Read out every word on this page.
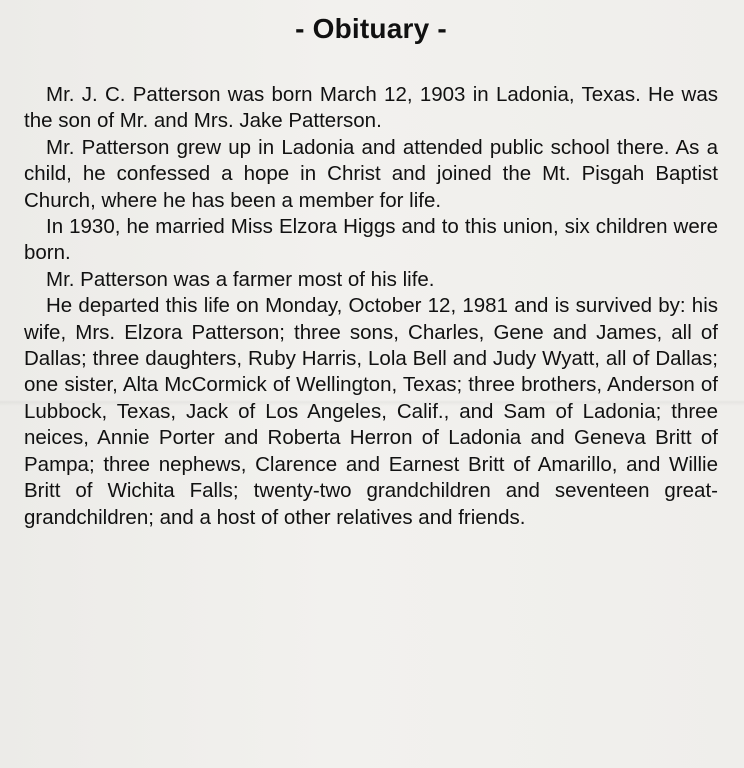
- Obituary -

Mr. J. C. Patterson was born March 12, 1903 in Ladonia, Texas. He was the son of Mr. and Mrs. Jake Patterson.

Mr. Patterson grew up in Ladonia and attended public school there. As a child, he confessed a hope in Christ and joined the Mt. Pisgah Baptist Church, where he has been a member for life.

In 1930, he married Miss Elzora Higgs and to this union, six children were born.

Mr. Patterson was a farmer most of his life.

He departed this life on Monday, October 12, 1981 and is survived by: his wife, Mrs. Elzora Patterson; three sons, Charles, Gene and James, all of Dallas; three daughters, Ruby Harris, Lola Bell and Judy Wyatt, all of Dallas; one sister, Alta McCormick of Wellington, Texas; three brothers, Anderson of Lubbock, Texas, Jack of Los Angeles, Calif., and Sam of Ladonia; three neices, Annie Porter and Roberta Herron of Ladonia and Geneva Britt of Pampa; three nephews, Clarence and Earnest Britt of Amarillo, and Willie Britt of Wichita Falls; twenty-two grandchildren and seventeen great-grandchildren; and a host of other relatives and friends.
